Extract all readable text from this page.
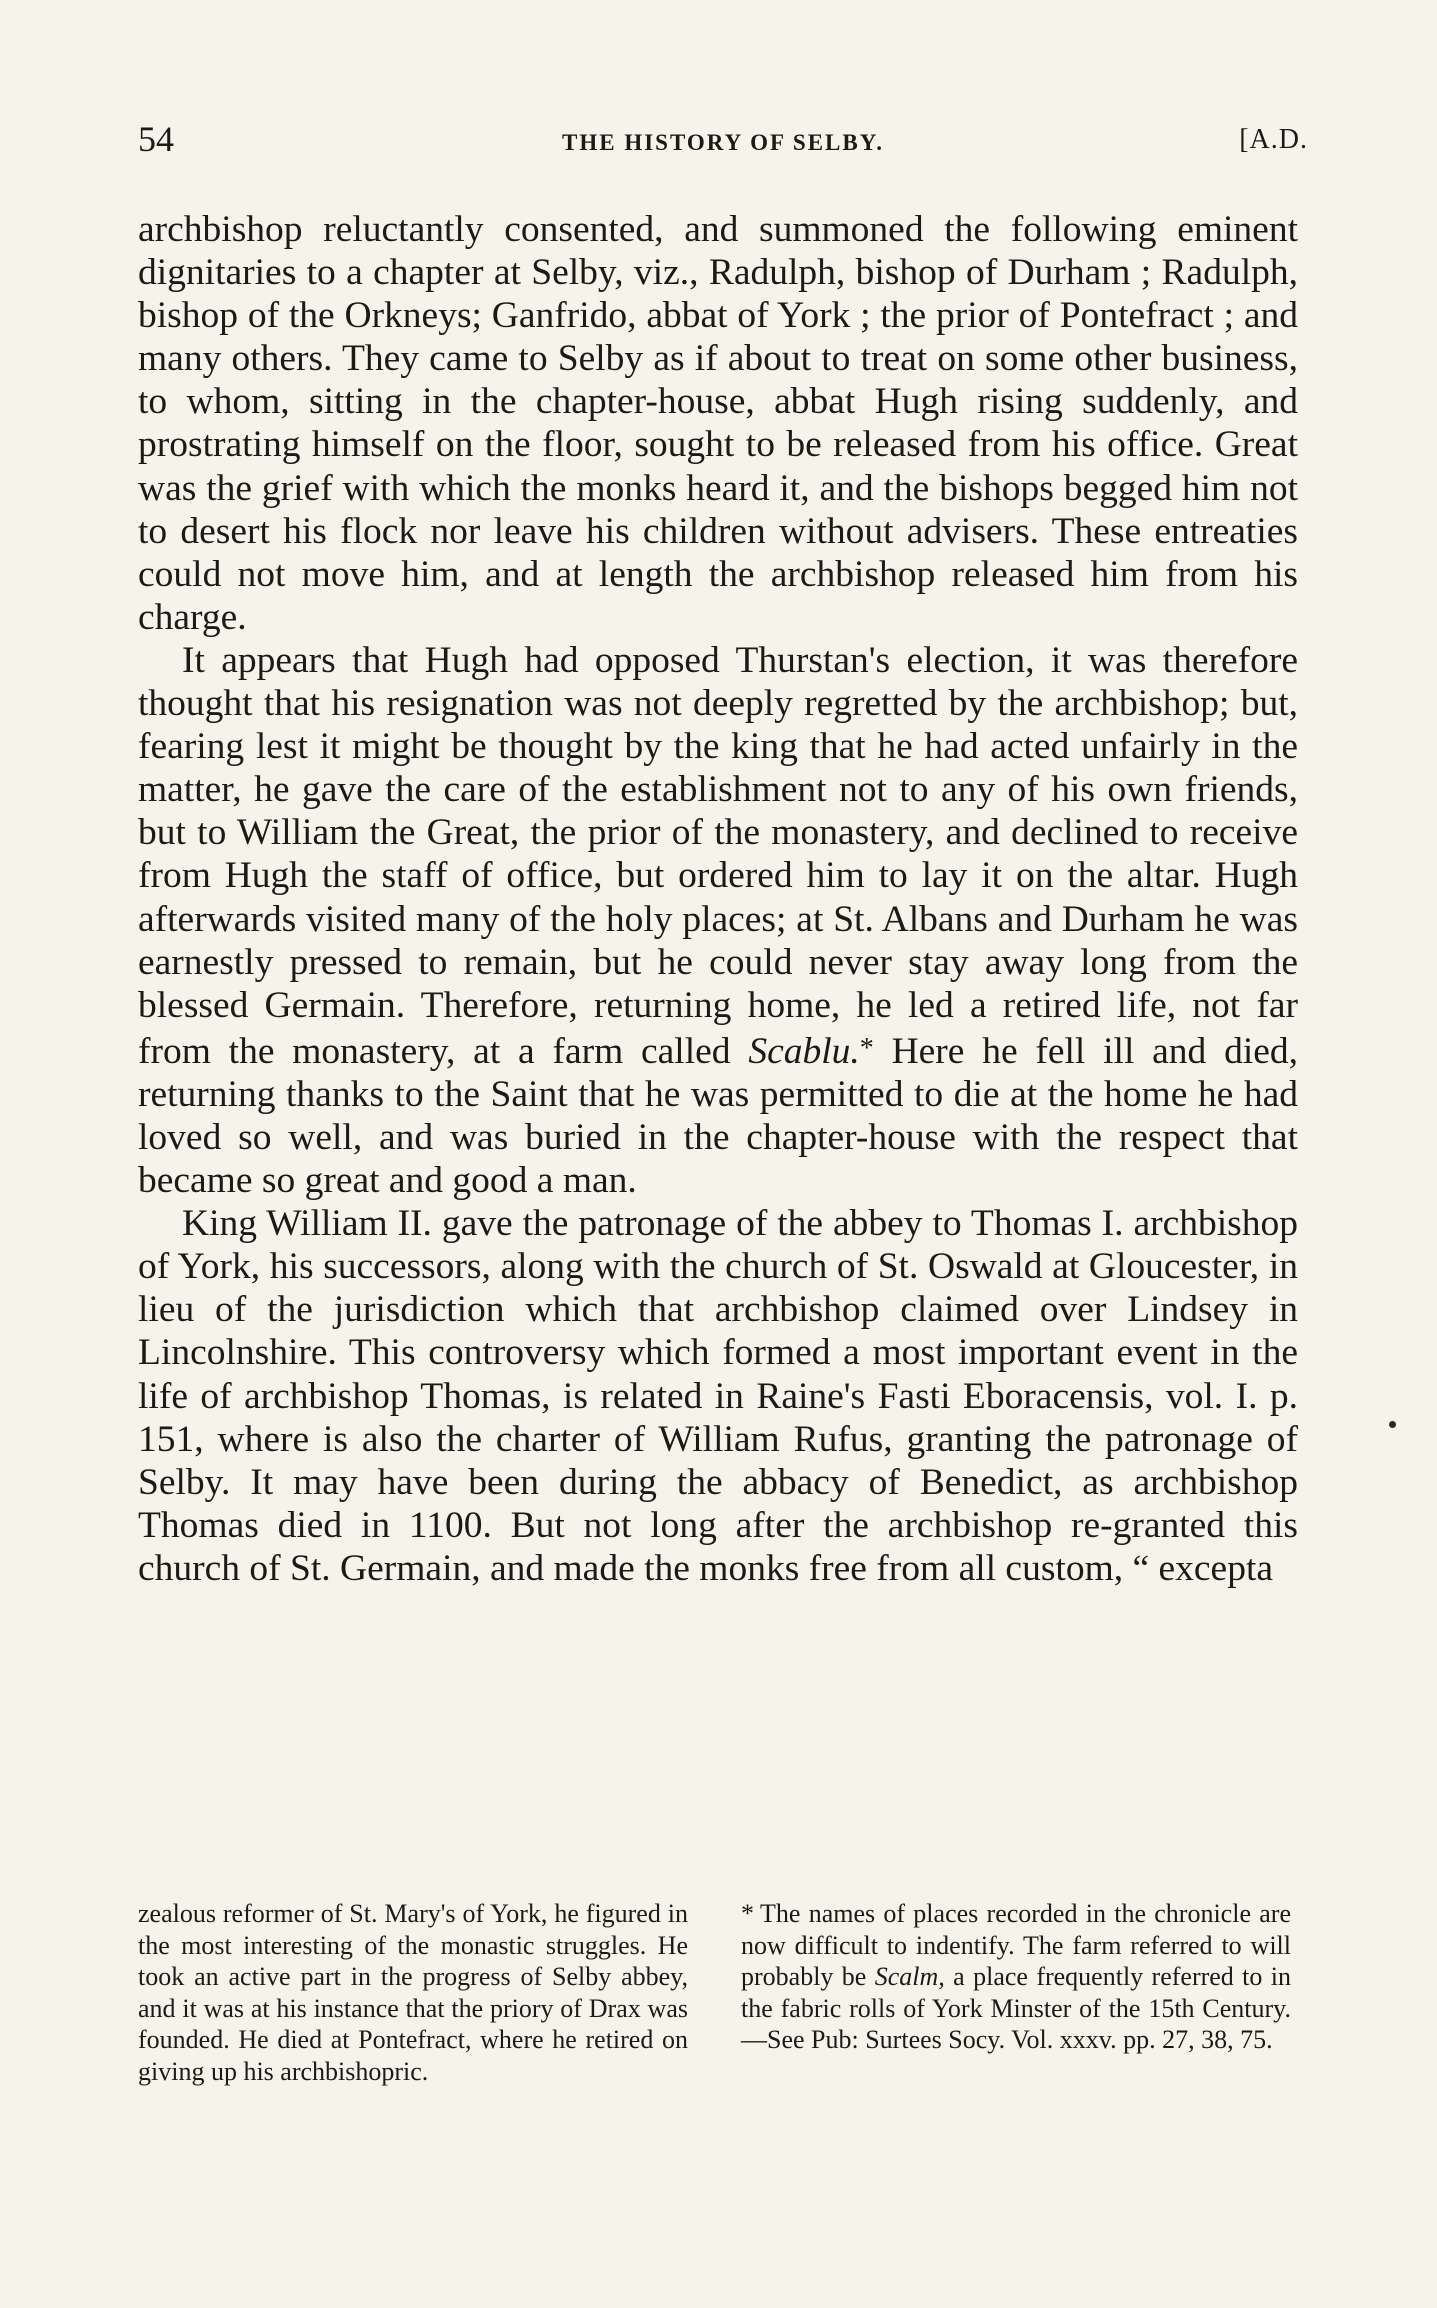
54	THE HISTORY OF SELBY.	[A.D.

archbishop reluctantly consented, and summoned the following eminent dignitaries to a chapter at Selby, viz., Radulph, bishop of Durham ; Radulph, bishop of the Orkneys; Ganfrido, abbat of York ; the prior of Pontefract ; and many others. They came to Selby as if about to treat on some other business, to whom, sitting in the chapter-house, abbat Hugh rising suddenly, and prostrating himself on the floor, sought to be released from his office. Great was the grief with which the monks heard it, and the bishops begged him not to desert his flock nor leave his children without advisers. These entreaties could not move him, and at length the archbishop released him from his charge.

It appears that Hugh had opposed Thurstan's election, it was therefore thought that his resignation was not deeply regretted by the archbishop; but, fearing lest it might be thought by the king that he had acted unfairly in the matter, he gave the care of the establishment not to any of his own friends, but to William the Great, the prior of the monastery, and declined to receive from Hugh the staff of office, but ordered him to lay it on the altar. Hugh afterwards visited many of the holy places; at St. Albans and Durham he was earnestly pressed to remain, but he could never stay away long from the blessed Germain. Therefore, returning home, he led a retired life, not far from the monastery, at a farm called Scablu.* Here he fell ill and died, returning thanks to the Saint that he was permitted to die at the home he had loved so well, and was buried in the chapter-house with the respect that became so great and good a man.

King William II. gave the patronage of the abbey to Thomas I. archbishop of York, his successors, along with the church of St. Oswald at Gloucester, in lieu of the jurisdiction which that archbishop claimed over Lindsey in Lincolnshire. This controversy which formed a most important event in the life of archbishop Thomas, is related in Raine's Fasti Eboracensis, vol. I. p. 151, where is also the charter of William Rufus, granting the patronage of Selby. It may have been during the abbacy of Benedict, as archbishop Thomas died in 1100. But not long after the archbishop re-granted this church of St. Germain, and made the monks free from all custom, “ excepta

zealous reformer of St. Mary's of York, he figured in the most interesting of the monastic struggles. He took an active part in the progress of Selby abbey, and it was at his instance that the priory of Drax was founded. He died at Pontefract, where he retired on giving up his archbishopric.

* The names of places recorded in the chronicle are now difficult to indentify. The farm referred to will probably be Scalm, a place frequently referred to in the fabric rolls of York Minster of the 15th Century.—See Pub: Surtees Socy. Vol. xxxv. pp. 27, 38, 75.
